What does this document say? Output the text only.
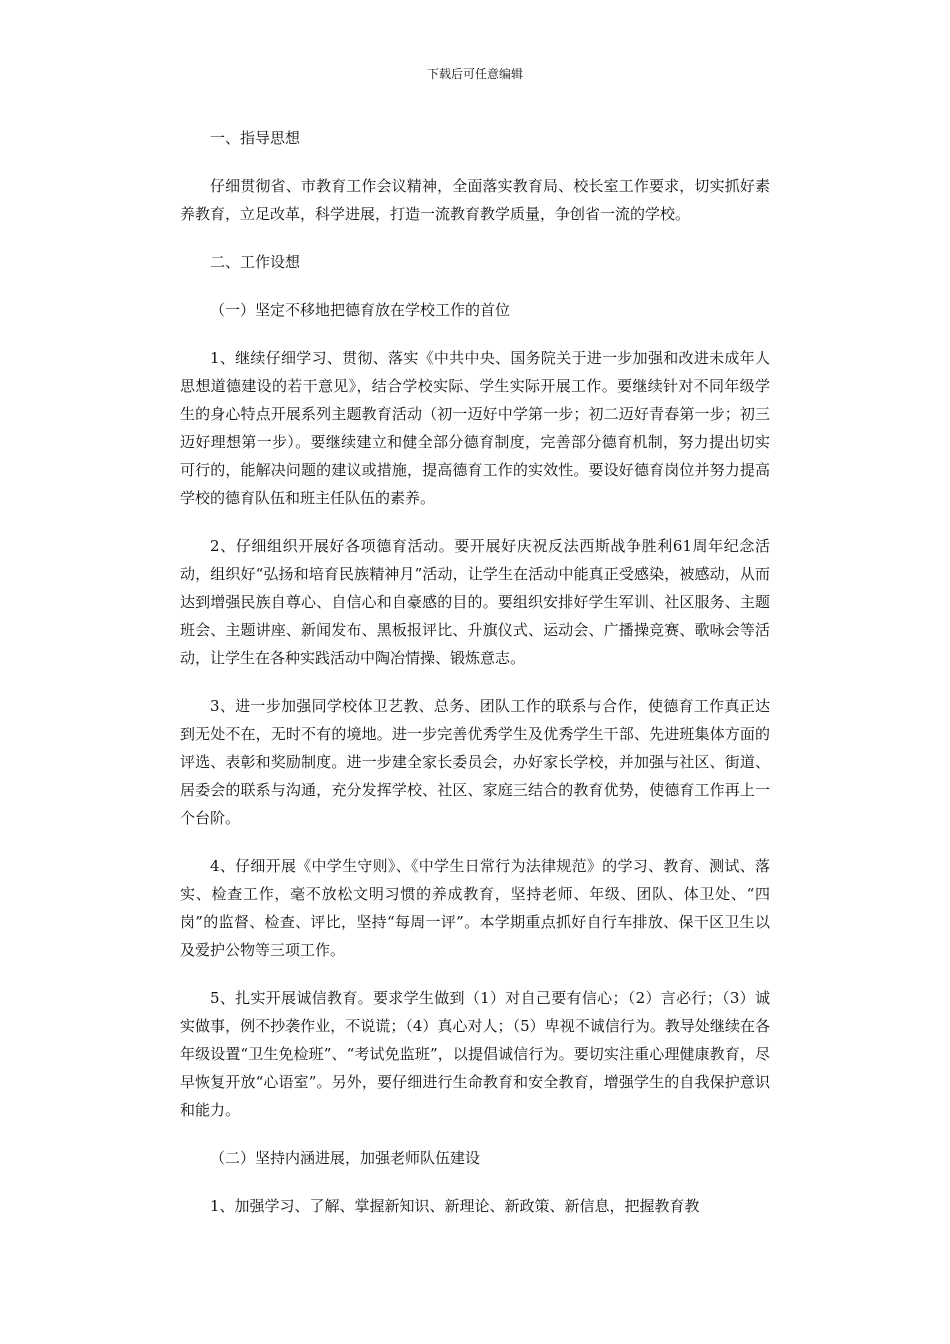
下载后可任意编辑

一、指导思想

仔细贯彻省、市教育工作会议精神，全面落实教育局、校长室工作要求，切实抓好素养教育，立足改革，科学进展，打造一流教育教学质量，争创省一流的学校。

二、工作设想

（一）坚定不移地把德育放在学校工作的首位

1、继续仔细学习、贯彻、落实《中共中央、国务院关于进一步加强和改进未成年人思想道德建设的若干意见》，结合学校实际、学生实际开展工作。要继续针对不同年级学生的身心特点开展系列主题教育活动（初一迈好中学第一步；初二迈好青春第一步；初三迈好理想第一步）。要继续建立和健全部分德育制度，完善部分德育机制，努力提出切实可行的，能解决问题的建议或措施，提高德育工作的实效性。要设好德育岗位并努力提高学校的德育队伍和班主任队伍的素养。

2、仔细组织开展好各项德育活动。要开展好庆祝反法西斯战争胜利61周年纪念活动，组织好“弘扬和培育民族精神月”活动，让学生在活动中能真正受感染，被感动，从而达到增强民族自尊心、自信心和自豪感的目的。要组织安排好学生军训、社区服务、主题班会、主题讲座、新闻发布、黑板报评比、升旗仪式、运动会、广播操竞赛、歌咏会等活动，让学生在各种实践活动中陶冶情操、锻炼意志。

3、进一步加强同学校体卫艺教、总务、团队工作的联系与合作，使德育工作真正达到无处不在，无时不有的境地。进一步完善优秀学生及优秀学生干部、先进班集体方面的评选、表彰和奖励制度。进一步建全家长委员会，办好家长学校，并加强与社区、街道、居委会的联系与沟通，充分发挥学校、社区、家庭三结合的教育优势，使德育工作再上一个台阶。

4、仔细开展《中学生守则》、《中学生日常行为法律规范》的学习、教育、测试、落实、检查工作，毫不放松文明习惯的养成教育，坚持老师、年级、团队、体卫处、“四岗”的监督、检查、评比，坚持“每周一评”。本学期重点抓好自行车排放、保干区卫生以及爱护公物等三项工作。

5、扎实开展诚信教育。要求学生做到（1）对自己要有信心；（2）言必行；（3）诚实做事，例不抄袭作业，不说谎；（4）真心对人；（5）卑视不诚信行为。教导处继续在各年级设置“卫生免检班”、“考试免监班”，以提倡诚信行为。要切实注重心理健康教育，尽早恢复开放“心语室”。另外，要仔细进行生命教育和安全教育，增强学生的自我保护意识和能力。

（二）坚持内涵进展，加强老师队伍建设

1、加强学习、了解、掌握新知识、新理论、新政策、新信息，把握教育教
